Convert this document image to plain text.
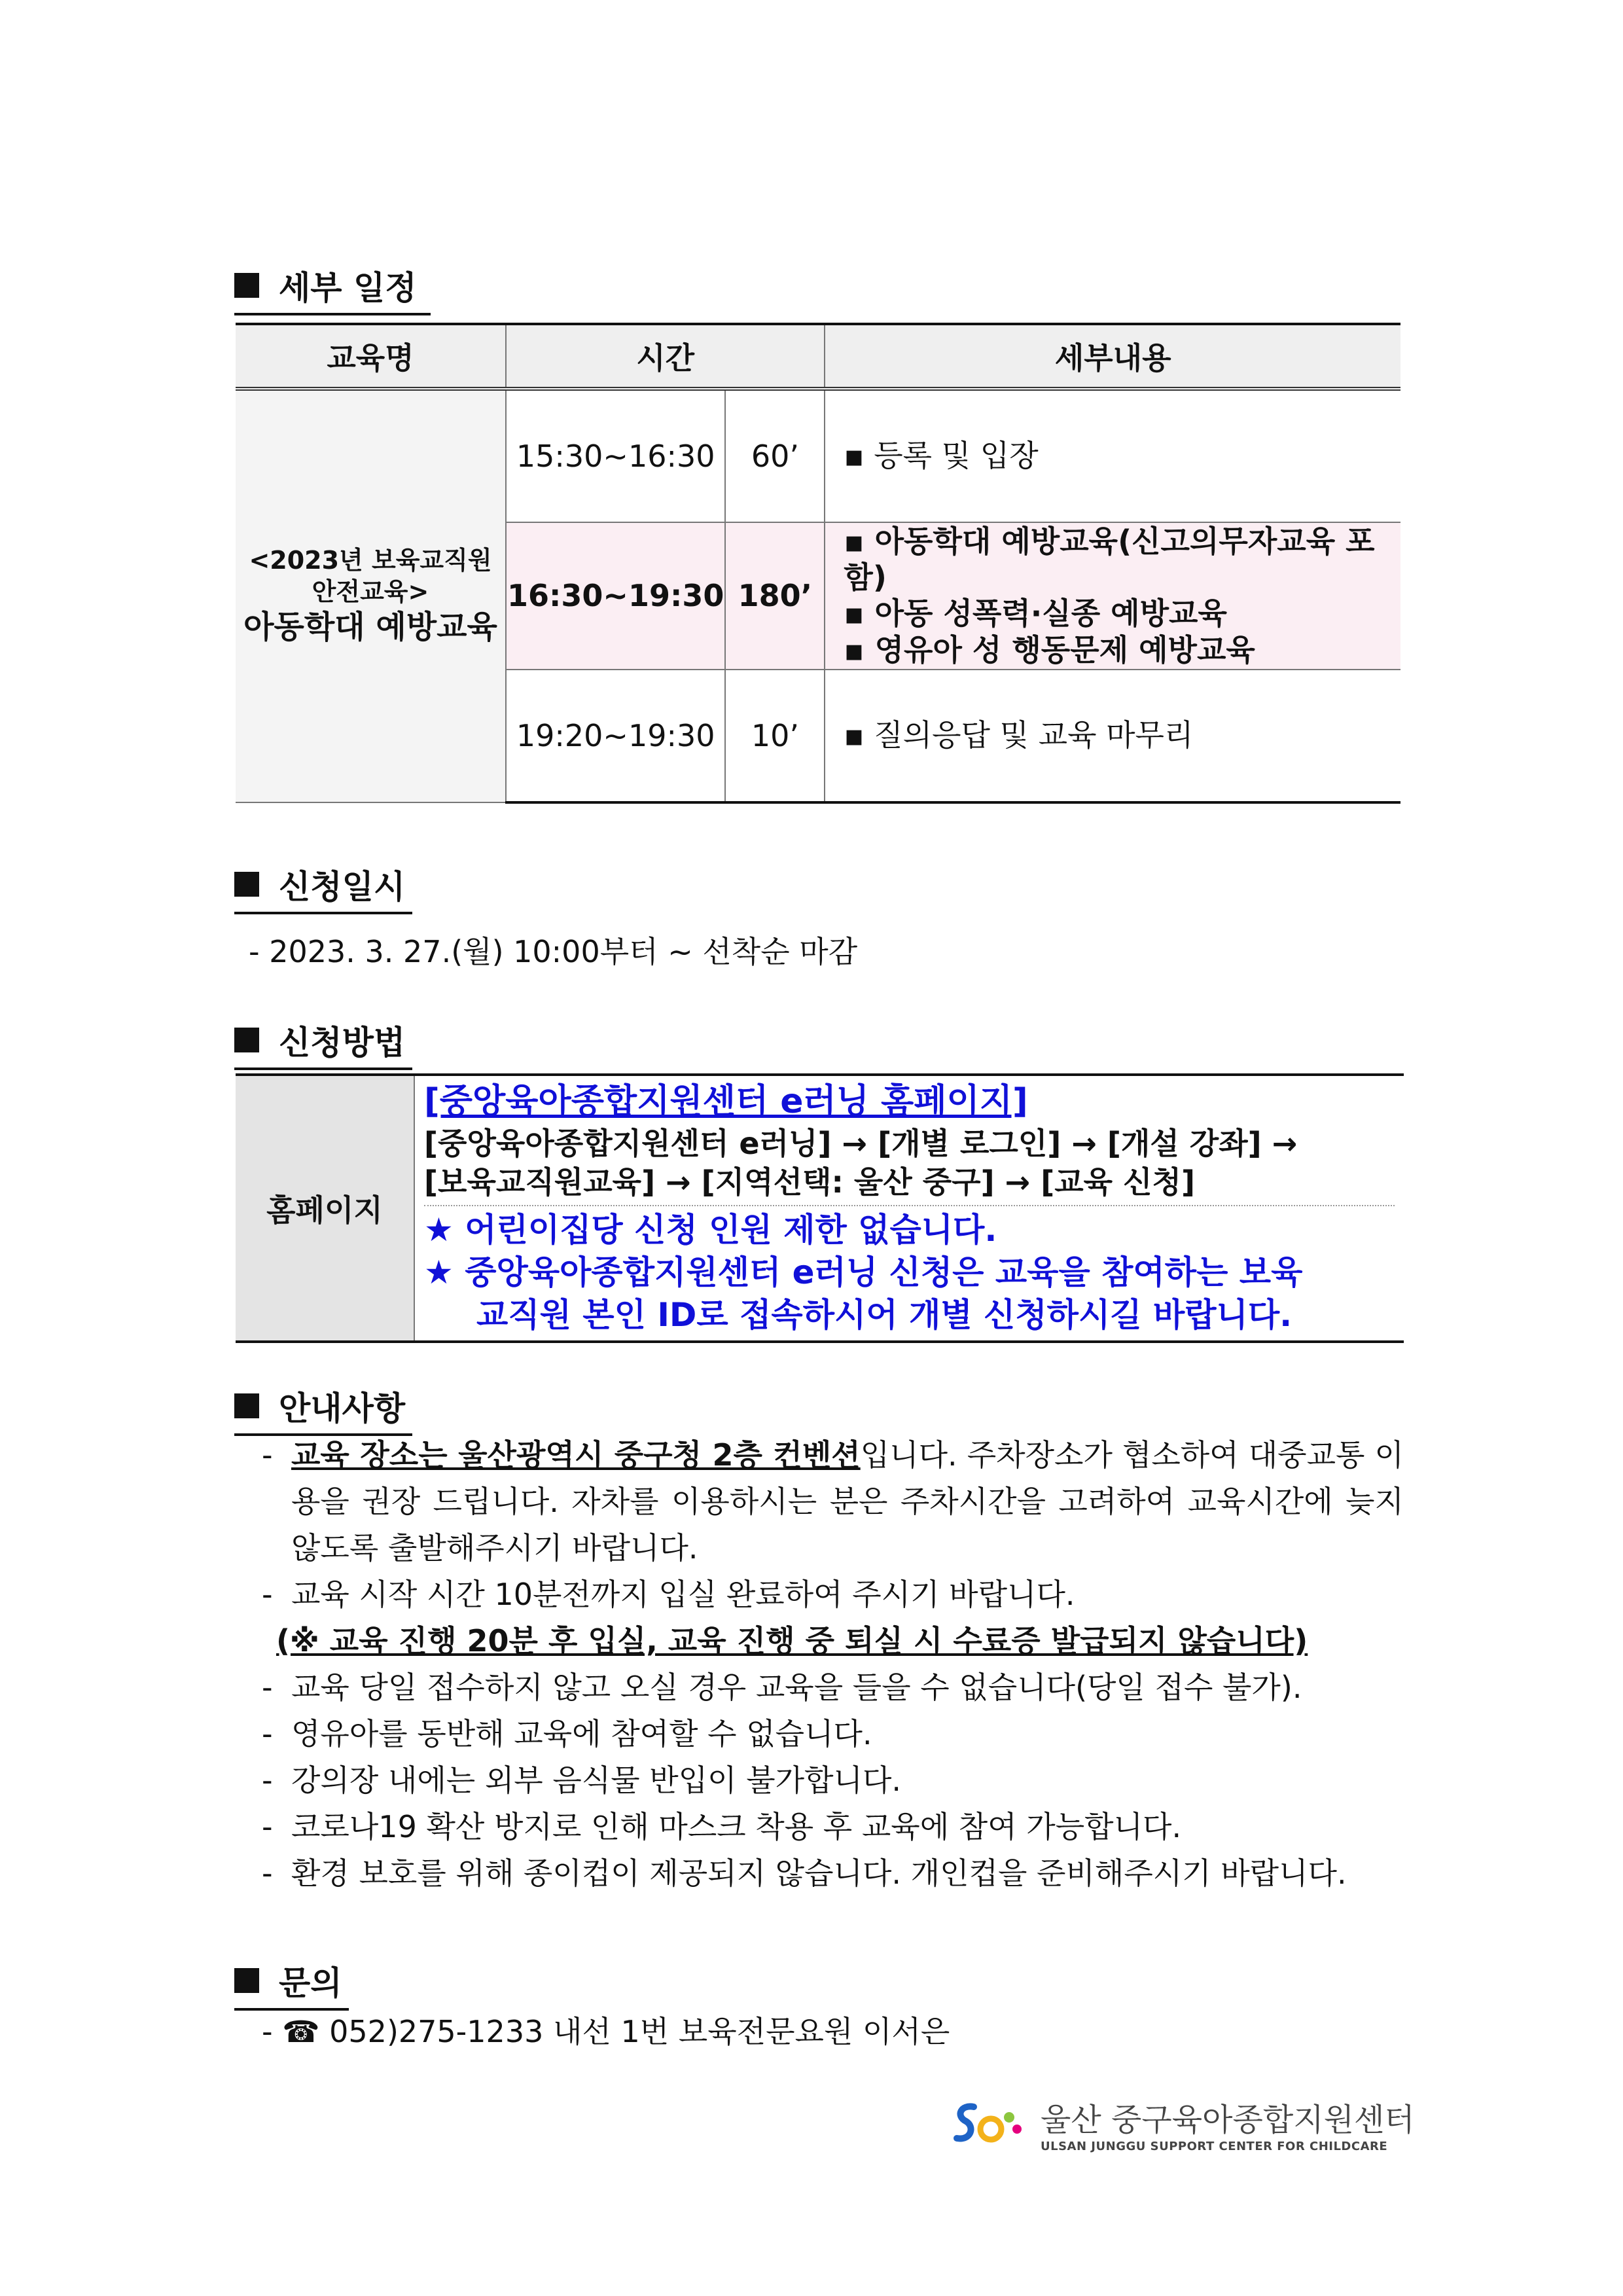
세부 일정
교육명	시간		세부내용

<2023년 보육교직원 안전교육>
아동학대 예방교육	15:30~16:30	60’	▪ 등록 및 입장

	16:30~19:30	180’	▪ 아동학대 예방교육(신고의무자교육 포함)
▪ 아동 성폭력·실종 예방교육
▪ 영유아 성 행동문제 예방교육

	19:20~19:30	10’	▪ 질의응답 및 교육 마무리
신청일시
- 2023. 3. 27.(월) 10:00부터 ~ 선착순 마감
신청방법
홈페이지	
[중앙육아종합지원센터 e러닝 홈페이지]
[중앙육아종합지원센터 e러닝] → [개별 로그인] → [개설 강좌] →
[보육교직원교육] → [지역선택: 울산 중구] → [교육 신청]
★ 어린이집당 신청 인원 제한 없습니다.
★ 중앙육아종합지원센터 e러닝 신청은 교육을 참여하는 보육
교직원 본인 ID로 접속하시어 개별 신청하시길 바랍니다.
안내사항
- 교육 장소는 울산광역시 중구청 2층 컨벤션입니다. 주차장소가 협소하여 대중교통 이용을 권장 드립니다. 자차를 이용하시는 분은 주차시간을 고려하여 교육시간에 늦지 않도록 출발해주시기 바랍니다.
- 교육 시작 시간 10분전까지 입실 완료하여 주시기 바랍니다.
(※ 교육 진행 20분 후 입실, 교육 진행 중 퇴실 시 수료증 발급되지 않습니다)
- 교육 당일 접수하지 않고 오실 경우 교육을 들을 수 없습니다(당일 접수 불가).
- 영유아를 동반해 교육에 참여할 수 없습니다.
- 강의장 내에는 외부 음식물 반입이 불가합니다.
- 코로나19 확산 방지로 인해 마스크 착용 후 교육에 참여 가능합니다.
- 환경 보호를 위해 종이컵이 제공되지 않습니다. 개인컵을 준비해주시기 바랍니다.
문의
- ☎ 052)275-1233 내선 1번 보육전문요원 이서은
울산 중구육아종합지원센터
ULSAN JUNGGU SUPPORT CENTER FOR CHILDCARE
